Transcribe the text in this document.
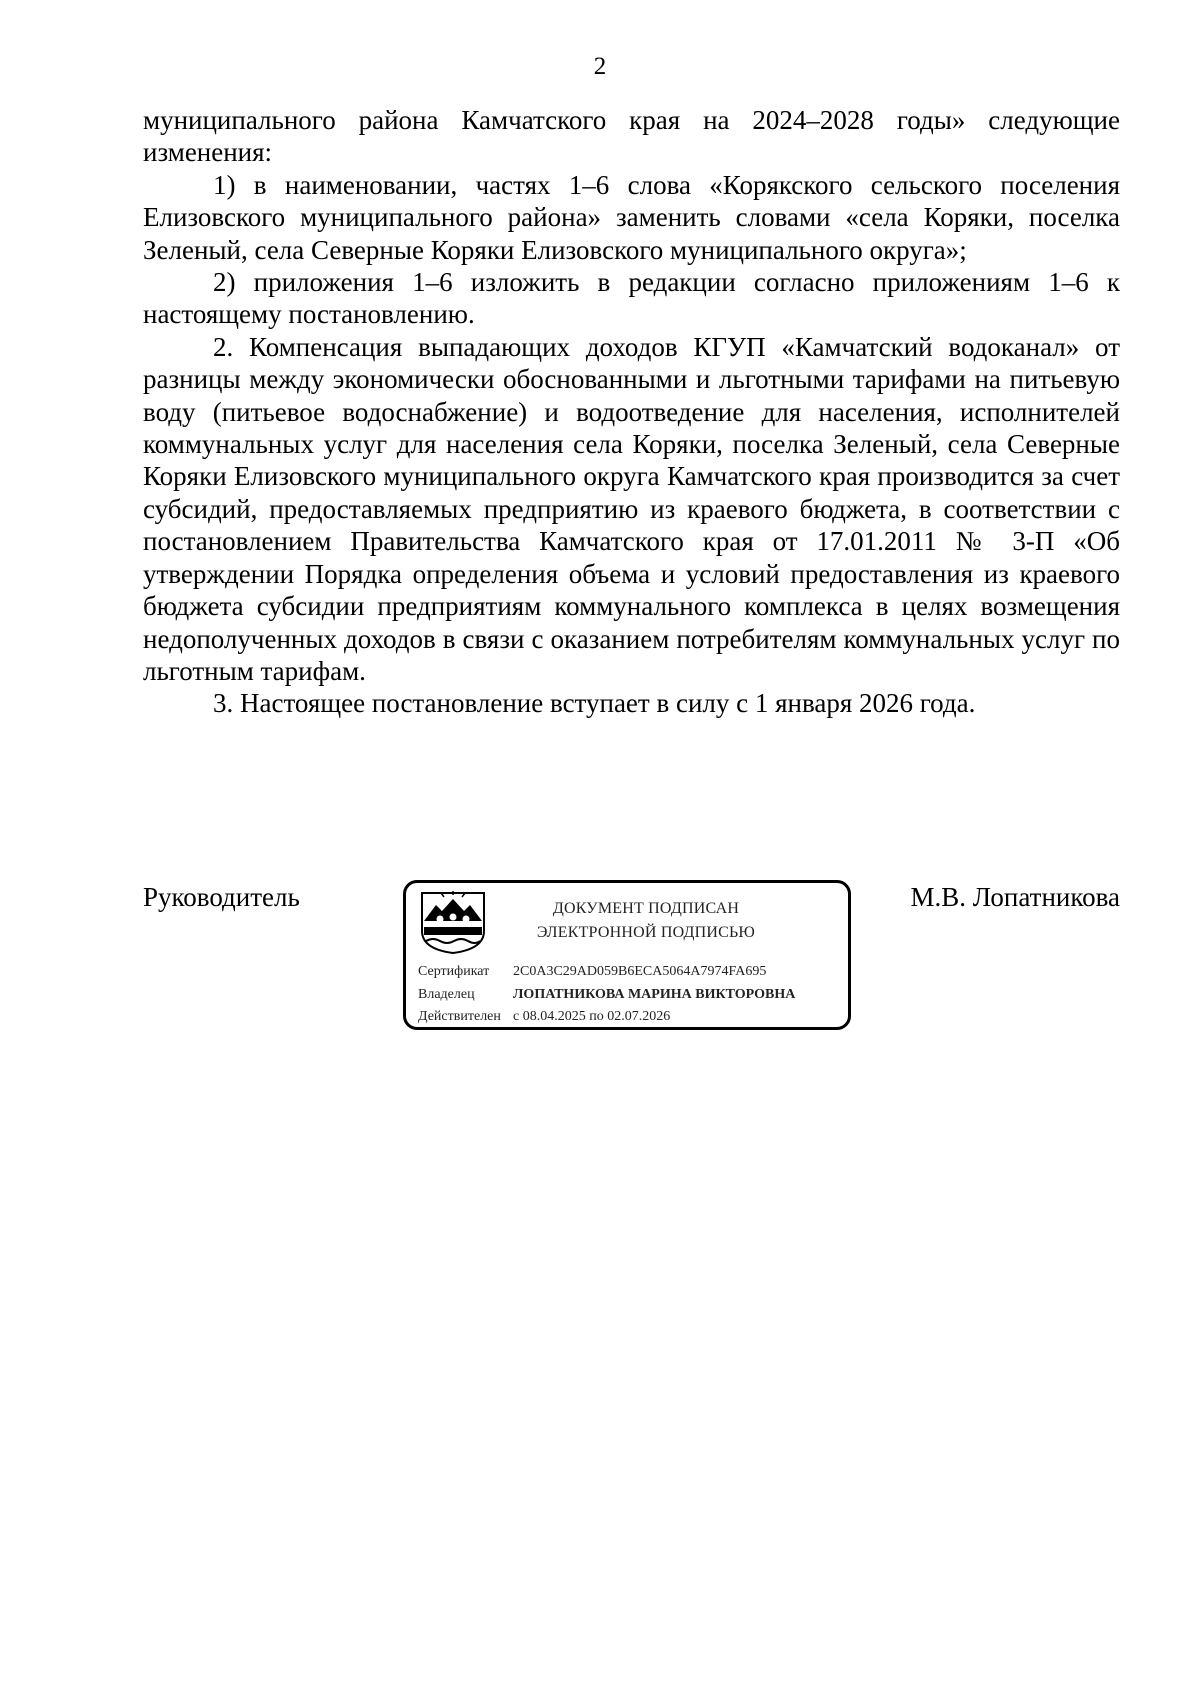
2

муниципального района Камчатского края на 2024–2028 годы» следующие изменения:

1) в наименовании, частях 1–6 слова «Корякского сельского поселения Елизовского муниципального района» заменить словами «села Коряки, поселка Зеленый, села Северные Коряки Елизовского муниципального округа»;

2) приложения 1–6 изложить в редакции согласно приложениям 1–6 к настоящему постановлению.

2. Компенсация выпадающих доходов КГУП «Камчатский водоканал» от разницы между экономически обоснованными и льготными тарифами на питьевую воду (питьевое водоснабжение) и водоотведение для населения, исполнителей коммунальных услуг для населения села Коряки, поселка Зеленый, села Северные Коряки Елизовского муниципального округа Камчатского края производится за счет субсидий, предоставляемых предприятию из краевого бюджета, в соответствии с постановлением Правительства Камчатского края от 17.01.2011 № 3-П «Об утверждении Порядка определения объема и условий предоставления из краевого бюджета субсидии предприятиям коммунального комплекса в целях возмещения недополученных доходов в связи с оказанием потребителям коммунальных услуг по льготным тарифам.

3. Настоящее постановление вступает в силу с 1 января 2026 года.

Руководитель	ДОКУМЕНТ ПОДПИСАН
ЭЛЕКТРОННОЙ ПОДПИСЬЮ
Сертификат 2C0A3C29AD059B6ECA5064A7974FA695
Владелец	ЛОПАТНИКОВА МАРИНА ВИКТОРОВНА
Действителен с 08.04.2025 по 02.07.2026
М.В. Лопатникова
